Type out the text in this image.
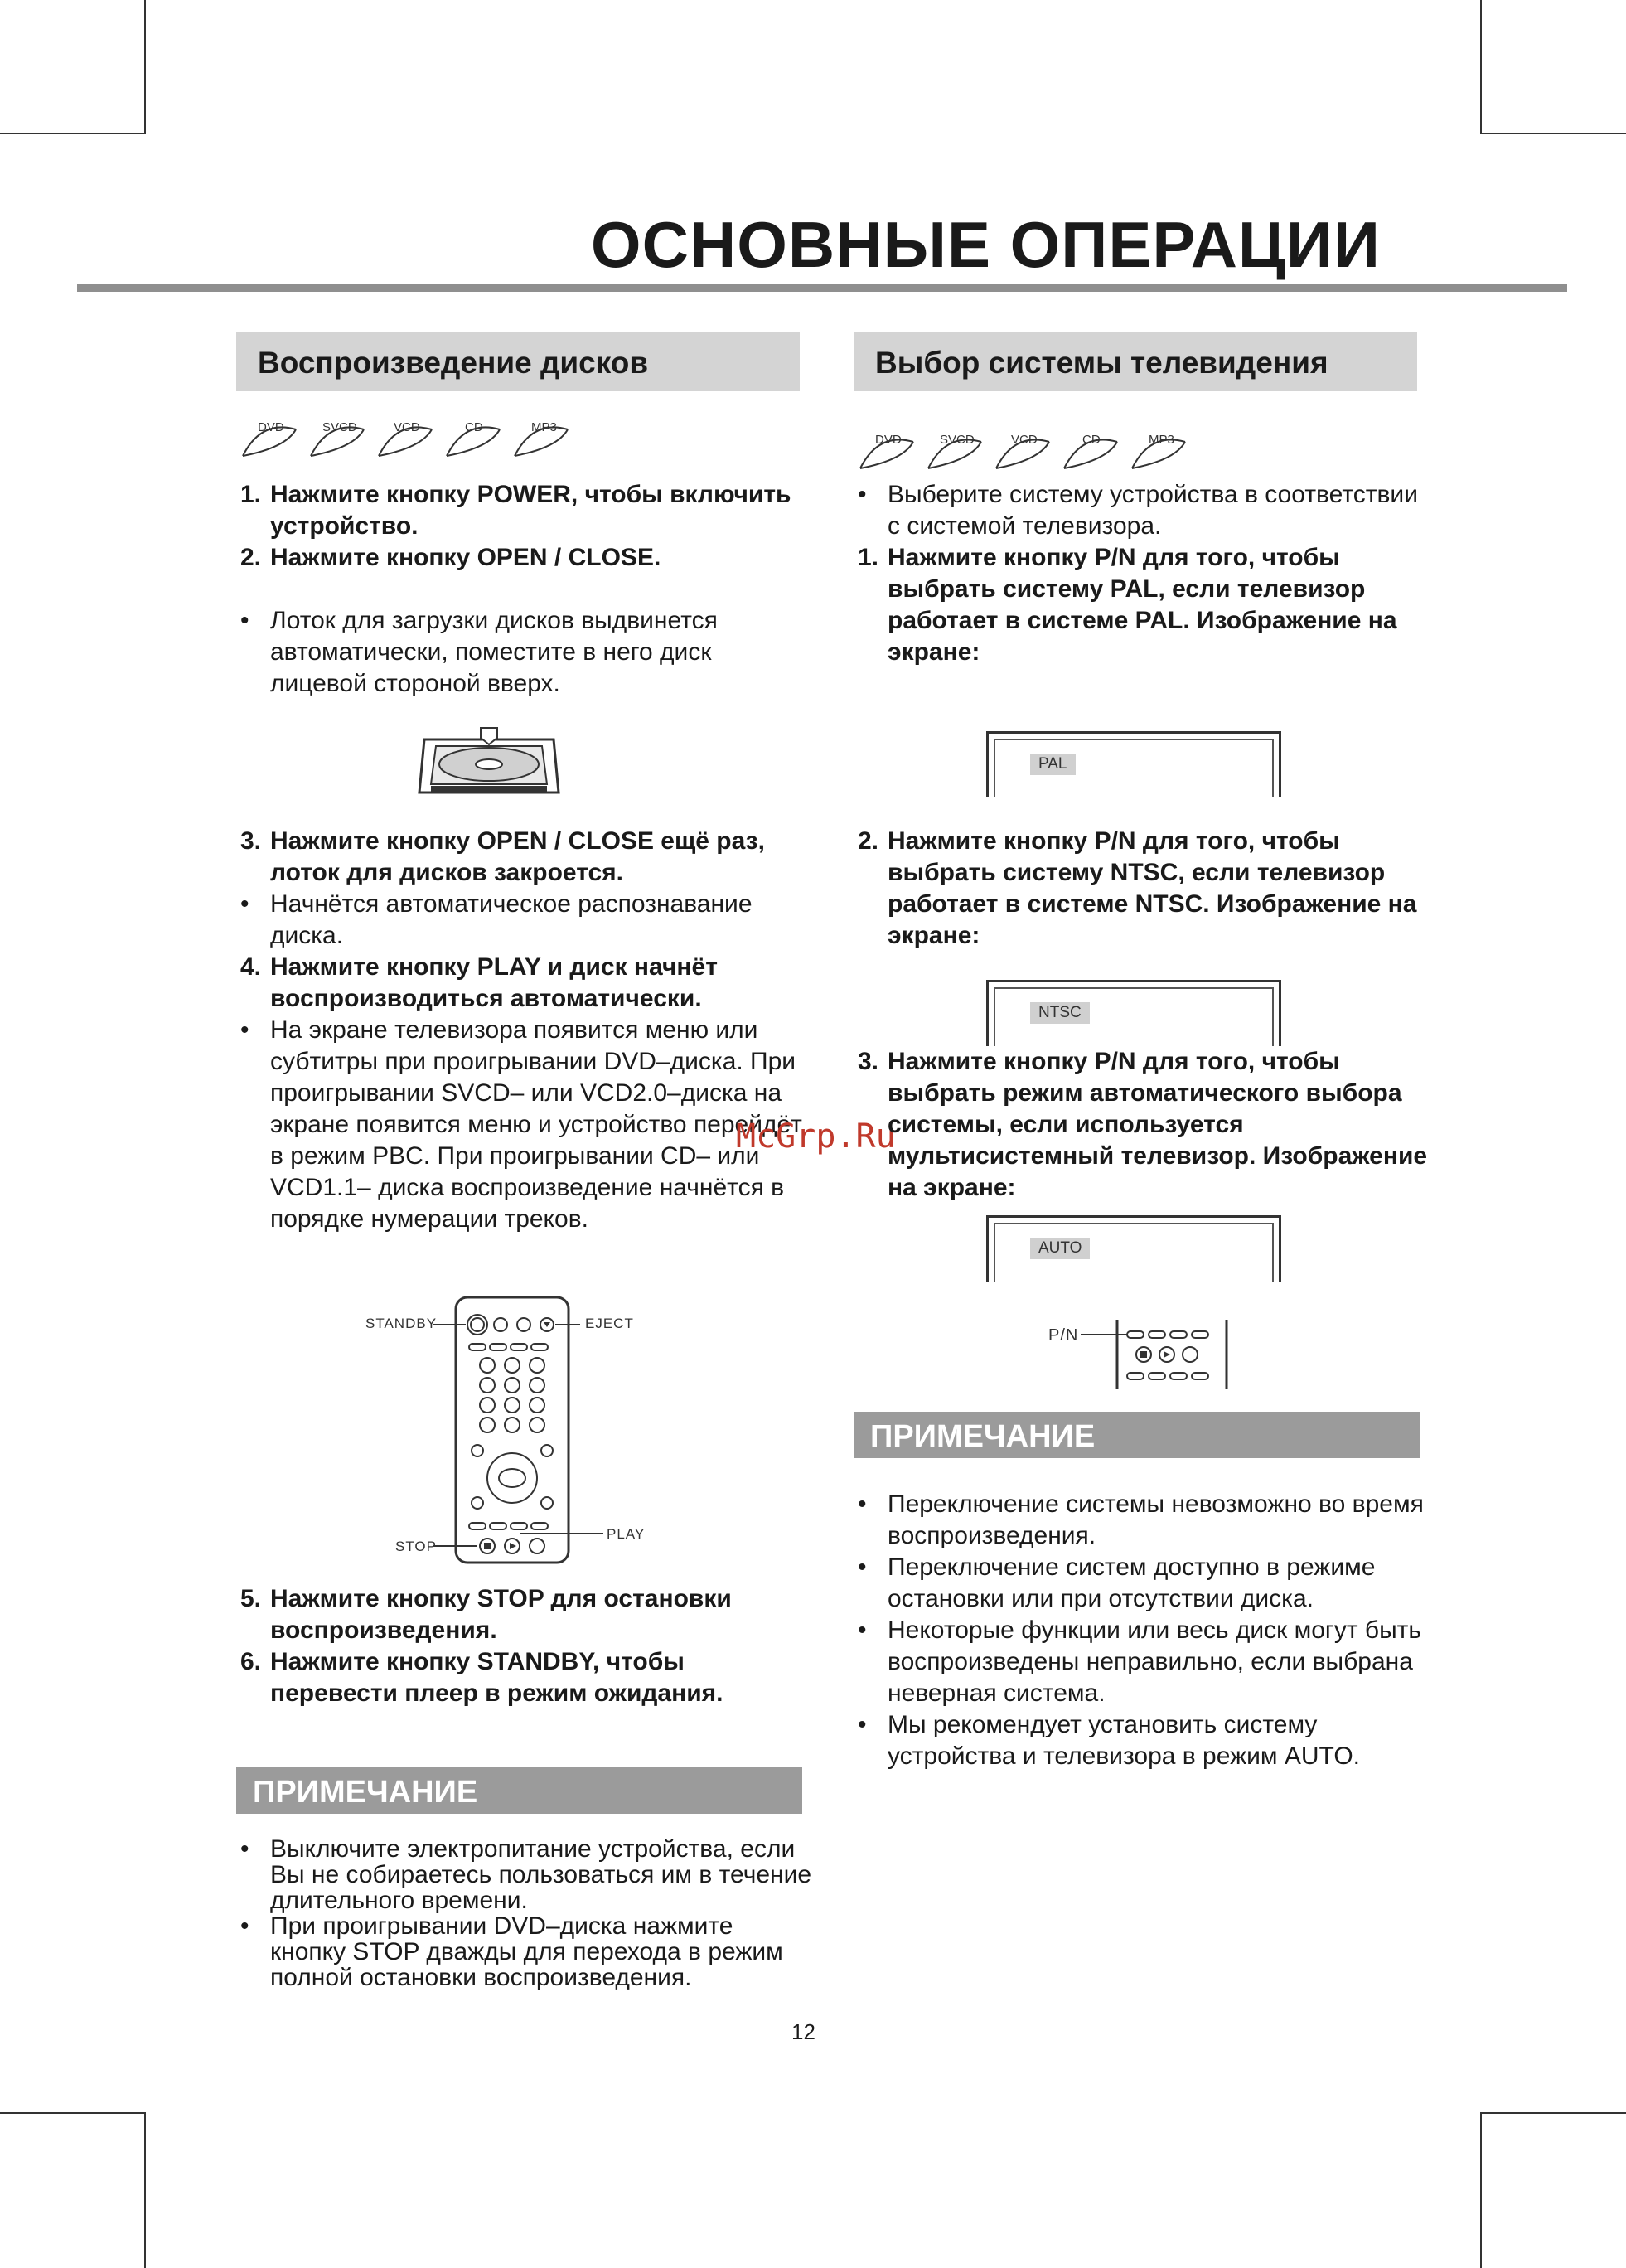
ОСНОВНЫЕ ОПЕРАЦИИ
Воспроизведение дисков
DVD	SVCD	VCD	CD	MP3
1. Нажмите кнопку POWER, чтобы включить устройство.
2. Нажмите кнопку OPEN / CLOSE.
• Лоток для загрузки дисков выдвинется автоматически, поместите в него диск лицевой стороной вверх.
3. Нажмите кнопку OPEN / CLOSE ещё раз, лоток для дисков закроется.
• Начнётся автоматическое распознавание диска.
4. Нажмите кнопку PLAY и диск начнёт воспроизводиться автоматически.
• На экране телевизора появится меню или субтитры при проигрывании DVD–диска. При проигрывании SVCD– или VCD2.0–диска на экране появится меню и устройство перейдёт в режим PBC. При проигрывании CD– или VCD1.1– диска воспроизведение начнётся в порядке нумерации треков.
McGrp.Ru
STANDBY	EJECT
STOP
PLAY
5. Нажмите кнопку STOP для остановки воспроизведения.
6. Нажмите кнопку STANDBY, чтобы перевести плеер в режим ожидания.
ПРИМЕЧАНИЕ
• Выключите электропитание устройства, если Вы не собираетесь пользоваться им в течение длительного времени.
• При проигрывании DVD–диска нажмите кнопку STOP дважды для перехода в режим полной остановки воспроизведения.
12
Выбор системы телевидения
DVD	SVCD	VCD	CD	MP3
• Выберите систему устройства в соответствии с системой телевизора.
1. Нажмите кнопку P/N для того, чтобы выбрать систему PAL, если телевизор работает в системе PAL. Изображение на экране:
PAL
2. Нажмите кнопку P/N для того, чтобы выбрать систему NTSC, если телевизор работает в системе NTSC. Изображение на экране:
NTSC
3. Нажмите кнопку P/N для того, чтобы выбрать режим автоматического выбора системы, если используется мультисистемный телевизор. Изображение на экране:
AUTO
P/N
ПРИМЕЧАНИЕ
• Переключение системы невозможно во время воспроизведения.
• Переключение систем доступно в режиме остановки или при отсутствии диска.
• Некоторые функции или весь диск могут быть воспроизведены неправильно, если выбрана неверная система.
• Мы рекомендует установить систему устройства и телевизора в режим AUTO.
